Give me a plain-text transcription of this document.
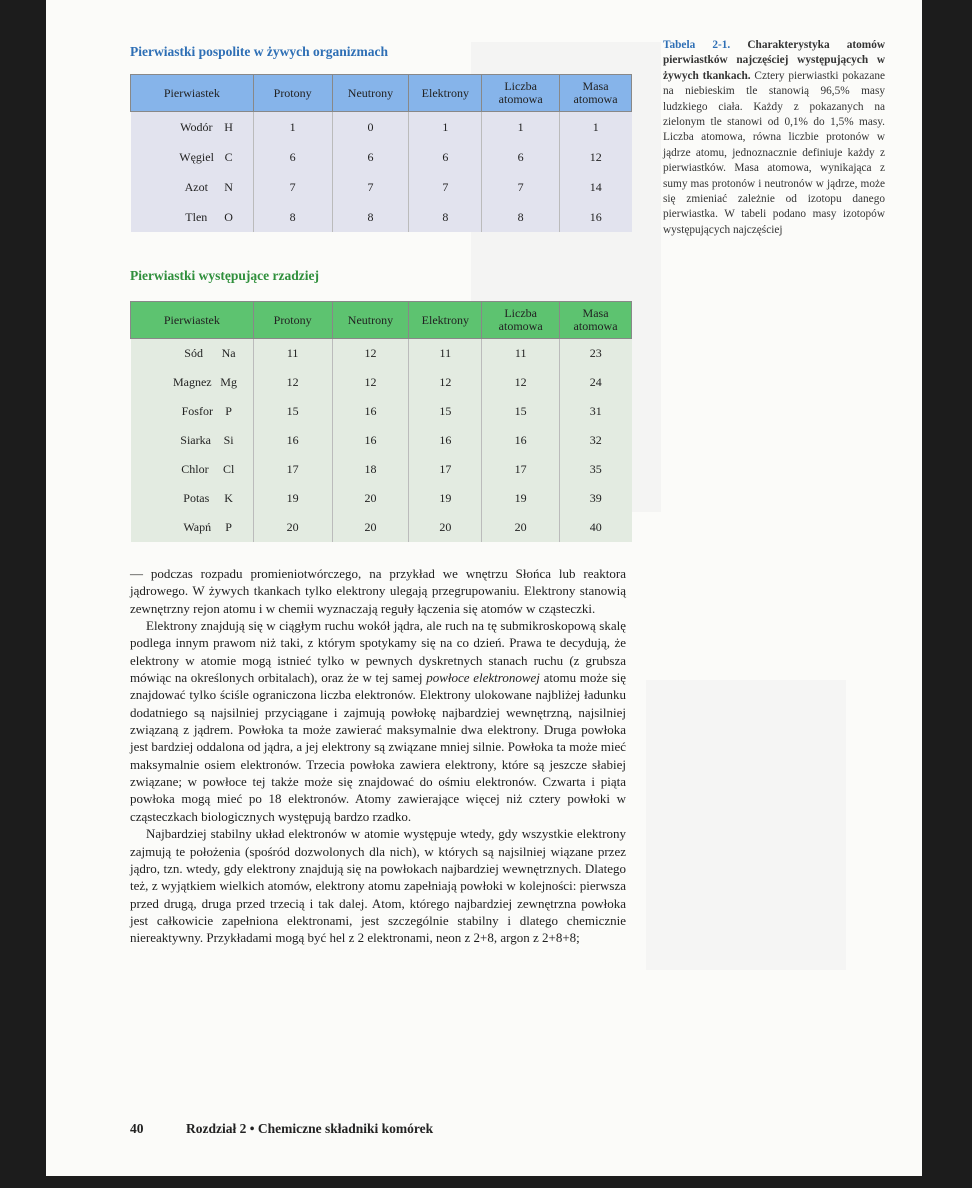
Pierwiastki pospolite w żywych organizmach
Pierwiastek	Protony	Neutrony	Elektrony	Liczba atomowa	Masa atomowa
Wodór H	1	0	1	1	1
Węgiel C	6	6	6	6	12
Azot N	7	7	7	7	14
Tlen O	8	8	8	8	16
Pierwiastki występujące rzadziej
Pierwiastek	Protony	Neutrony	Elektrony	Liczba atomowa	Masa atomowa
Sód Na	11	12	11	11	23
Magnez Mg	12	12	12	12	24
Fosfor P	15	16	15	15	31
Siarka Si	16	16	16	16	32
Chlor Cl	17	18	17	17	35
Potas K	19	20	19	19	39
Wapń P	20	20	20	20	40
Tabela 2-1. Charakterystyka atomów pierwiastków najczęściej występujących w żywych tkankach. Cztery pierwiastki pokazane na niebieskim tle stanowią 96,5% masy ludzkiego ciała. Każdy z pokazanych na zielonym tle stanowi od 0,1% do 1,5% masy. Liczba atomowa, równa liczbie protonów w jądrze atomu, jednoznacznie definiuje każdy z pierwiastków. Masa atomowa, wynikająca z sumy mas protonów i neutronów w jądrze, może się zmieniać zależnie od izotopu danego pierwiastka. W tabeli podano masy izotopów występujących najczęściej

— podczas rozpadu promieniotwórczego, na przykład we wnętrzu Słońca lub reaktora jądrowego. W żywych tkankach tylko elektrony ulegają przegrupowaniu. Elektrony stanowią zewnętrzny rejon atomu i w chemii wyznaczają reguły łączenia się atomów w cząsteczki.

Elektrony znajdują się w ciągłym ruchu wokół jądra, ale ruch na tę submikroskopową skalę podlega innym prawom niż taki, z którym spotykamy się na co dzień. Prawa te decydują, że elektrony w atomie mogą istnieć tylko w pewnych dyskretnych stanach ruchu (z grubsza mówiąc na określonych orbitalach), oraz że w tej samej powłoce elektronowej atomu może się znajdować tylko ściśle ograniczona liczba elektronów. Elektrony ulokowane najbliżej ładunku dodatniego są najsilniej przyciągane i zajmują powłokę najbardziej wewnętrzną, najsilniej związaną z jądrem. Powłoka ta może zawierać maksymalnie dwa elektrony. Druga powłoka jest bardziej oddalona od jądra, a jej elektrony są związane mniej silnie. Powłoka ta może mieć maksymalnie osiem elektronów. Trzecia powłoka zawiera elektrony, które są jeszcze słabiej związane; w powłoce tej także może się znajdować do ośmiu elektronów. Czwarta i piąta powłoka mogą mieć po 18 elektronów. Atomy zawierające więcej niż cztery powłoki w cząsteczkach biologicznych występują bardzo rzadko.

Najbardziej stabilny układ elektronów w atomie występuje wtedy, gdy wszystkie elektrony zajmują te położenia (spośród dozwolonych dla nich), w których są najsilniej wiązane przez jądro, tzn. wtedy, gdy elektrony znajdują się na powłokach najbardziej wewnętrznych. Dlatego też, z wyjątkiem wielkich atomów, elektrony atomu zapełniają powłoki w kolejności: pierwsza przed drugą, druga przed trzecią i tak dalej. Atom, którego najbardziej zewnętrzna powłoka jest całkowicie zapełniona elektronami, jest szczególnie stabilny i dlatego chemicznie niereaktywny. Przykładami mogą być hel z 2 elektronami, neon z 2+8, argon z 2+8+8;

40	Rozdział 2 • Chemiczne składniki komórek
